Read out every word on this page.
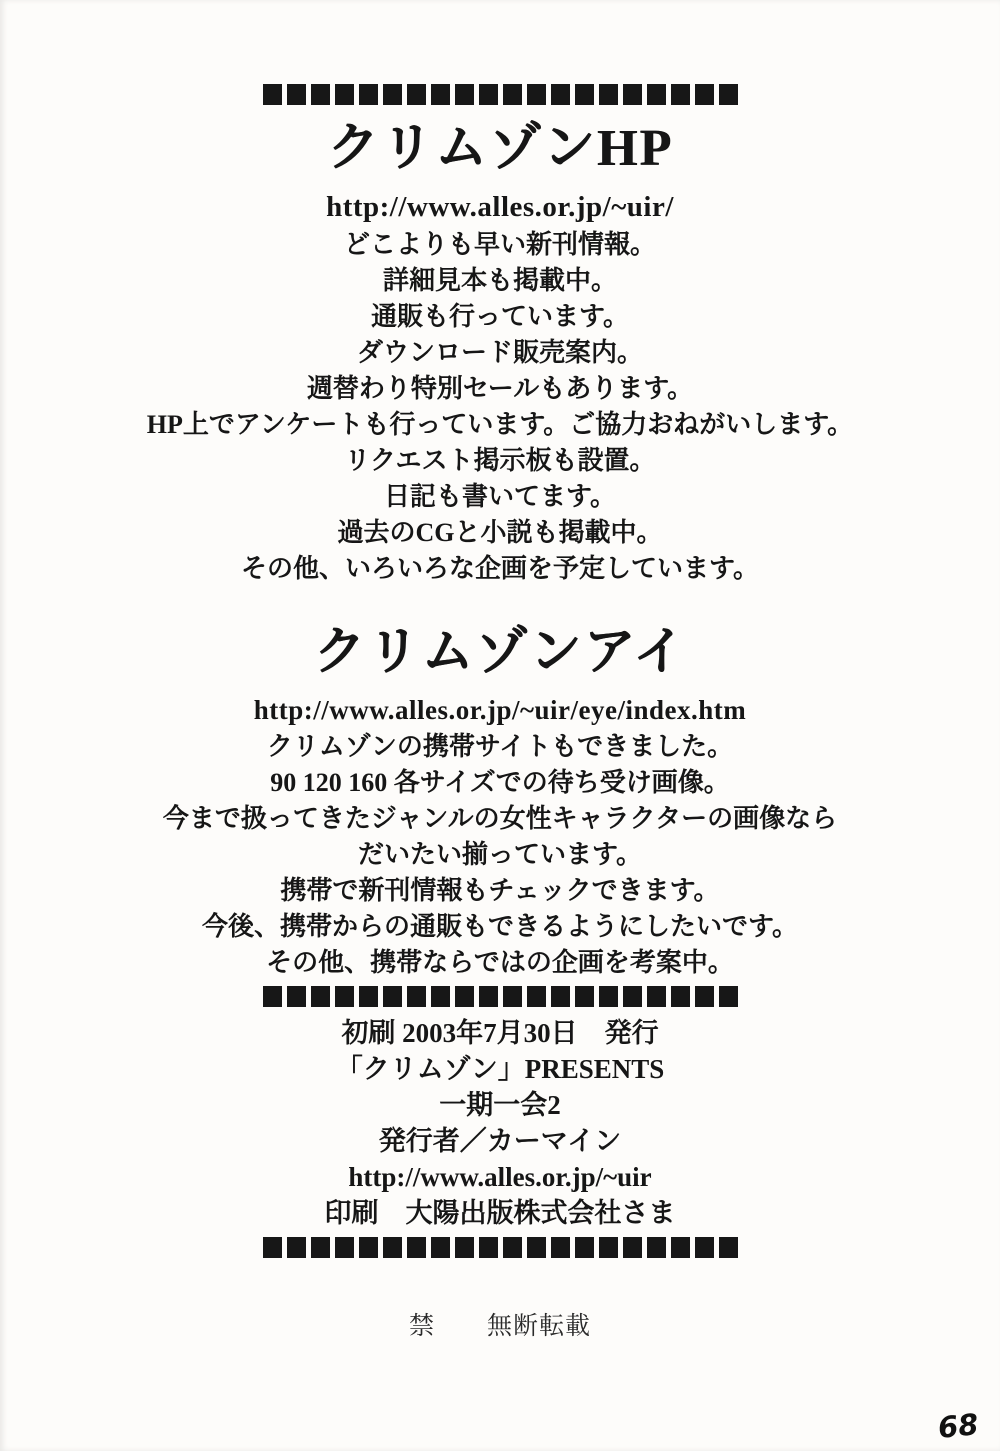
クリムゾンHP
http://www.alles.or.jp/~uir/
どこよりも早い新刊情報。
詳細見本も掲載中。
通販も行っています。
ダウンロード販売案内。
週替わり特別セールもあります。
HP上でアンケートも行っています。ご協力おねがいします。
リクエスト掲示板も設置。
日記も書いてます。
過去のCGと小説も掲載中。
その他、いろいろな企画を予定しています。
クリムゾンアイ
http://www.alles.or.jp/~uir/eye/index.htm
クリムゾンの携帯サイトもできました。
90 120 160 各サイズでの待ち受け画像。
今まで扱ってきたジャンルの女性キャラクターの画像なら
だいたい揃っています。
携帯で新刊情報もチェックできます。
今後、携帯からの通販もできるようにしたいです。
その他、携帯ならではの企画を考案中。
初刷 2003年7月30日　発行
「クリムゾン」PRESENTS
一期一会2
発行者／カーマイン
http://www.alles.or.jp/~uir
印刷　大陽出版株式会社さま
禁　　無断転載
68
